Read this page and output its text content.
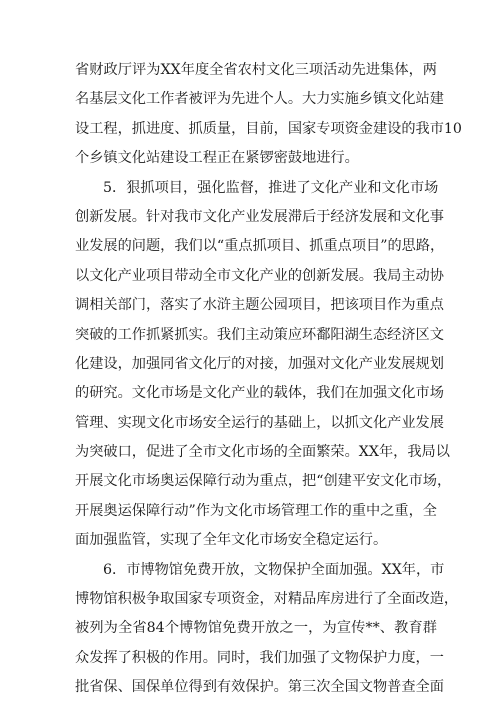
省财政厅评为XX年度全省农村文化三项活动先进集体，两
名基层文化工作者被评为先进个人。大力实施乡镇文化站建
设工程，抓进度、抓质量，目前，国家专项资金建设的我市10
个乡镇文化站建设工程正在紧锣密鼓地进行。
5．狠抓项目，强化监督，推进了文化产业和文化市场
创新发展。针对我市文化产业发展滞后于经济发展和文化事
业发展的问题，我们以“重点抓项目、抓重点项目”的思路，
以文化产业项目带动全市文化产业的创新发展。我局主动协
调相关部门，落实了水浒主题公园项目，把该项目作为重点
突破的工作抓紧抓实。我们主动策应环鄱阳湖生态经济区文
化建设，加强同省文化厅的对接，加强对文化产业发展规划
的研究。文化市场是文化产业的载体，我们在加强文化市场
管理、实现文化市场安全运行的基础上，以抓文化产业发展
为突破口，促进了全市文化市场的全面繁荣。XX年，我局以
开展文化市场奥运保障行动为重点，把“创建平安文化市场，
开展奥运保障行动”作为文化市场管理工作的重中之重，全
面加强监管，实现了全年文化市场安全稳定运行。
6．市博物馆免费开放，文物保护全面加强。XX年，市
博物馆积极争取国家专项资金，对精品库房进行了全面改造，
被列为全省84个博物馆免费开放之一，为宣传**、教育群
众发挥了积极的作用。同时，我们加强了文物保护力度，一
批省保、国保单位得到有效保护。第三次全国文物普查全面
